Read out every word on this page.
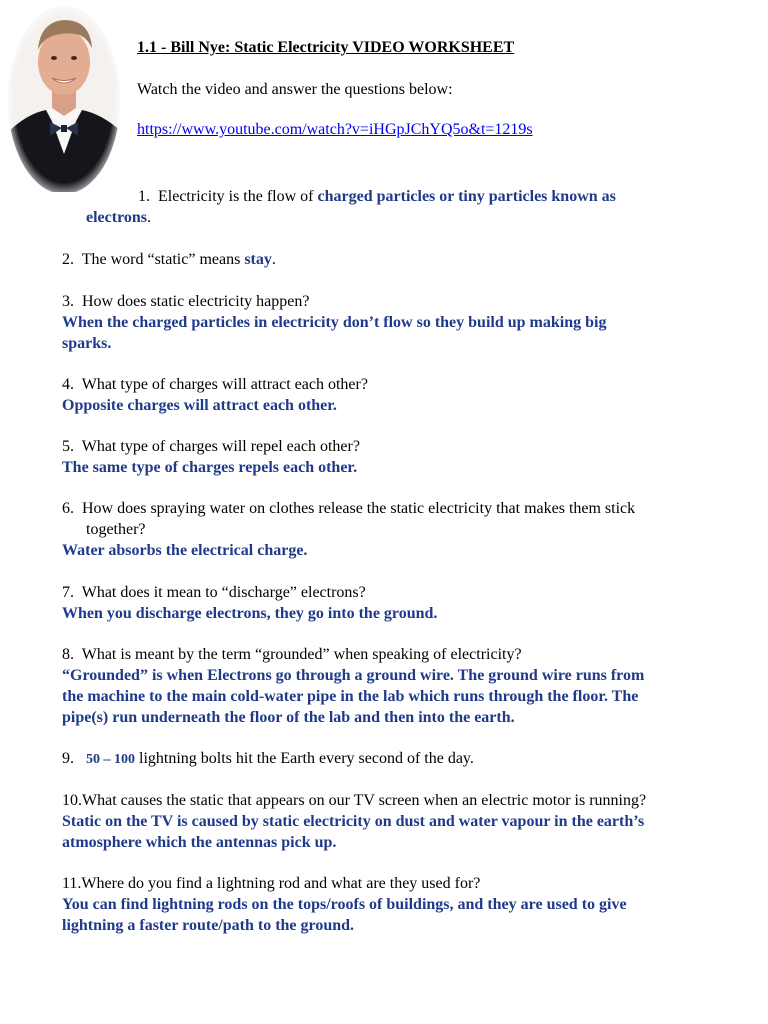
1.1 - Bill Nye: Static Electricity VIDEO WORKSHEET
Watch the video and answer the questions below:
https://www.youtube.com/watch?v=iHGpJChYQ5o&t=1219s
1. Electricity is the flow of charged particles or tiny particles known as
electrons.
2. The word “static” means stay.
3. How does static electricity happen?
When the charged particles in electricity don’t flow so they build up making big
sparks.
4. What type of charges will attract each other?
Opposite charges will attract each other.
5. What type of charges will repel each other?
The same type of charges repels each other.
6. How does spraying water on clothes release the static electricity that makes them stick
together?
Water absorbs the electrical charge.
7. What does it mean to “discharge” electrons?
When you discharge electrons, they go into the ground.
8. What is meant by the term “grounded” when speaking of electricity?
“Grounded” is when Electrons go through a ground wire. The ground wire runs from
the machine to the main cold-water pipe in the lab which runs through the floor. The
pipe(s) run underneath the floor of the lab and then into the earth.
9. 50 – 100 lightning bolts hit the Earth every second of the day.
10.What causes the static that appears on our TV screen when an electric motor is running?
Static on the TV is caused by static electricity on dust and water vapour in the earth’s
atmosphere which the antennas pick up.
11.Where do you find a lightning rod and what are they used for?
You can find lightning rods on the tops/roofs of buildings, and they are used to give
lightning a faster route/path to the ground.
